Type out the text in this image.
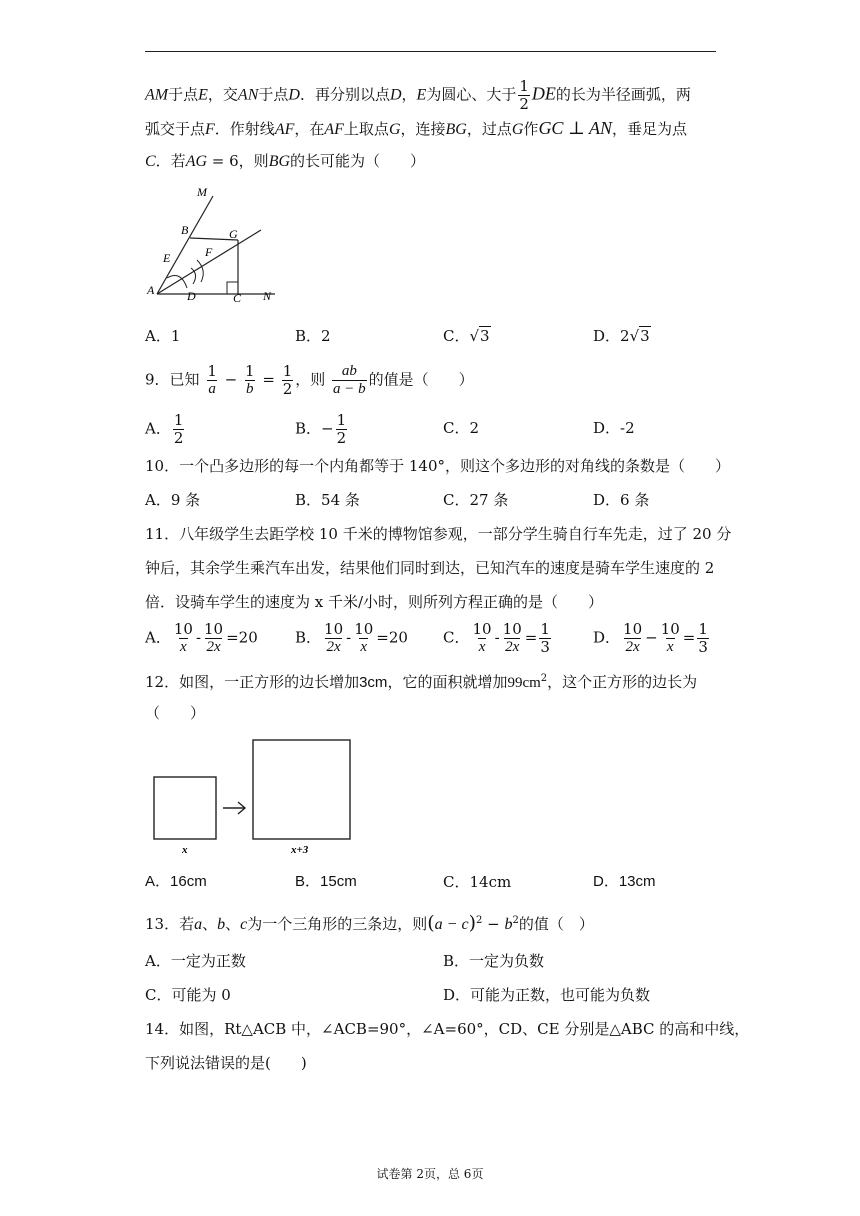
AM于点E，交AN于点D．再分别以点D，E为圆心、大于 $\frac{1}{2}$ DE的长为半径画弧，两
弧交于点F．作射线AF，在AF上取点G，连接BG，过点G作GC ⊥ AN，垂足为点
C．若AG = 6，则BG的长可能为（　　）
M
B	G
E	F
A	D	C N
A．1	B．2	C．√3	D．2√3
9．已知 $\frac{1}{a} - \frac{1}{b} = \frac{1}{2}$ ，则 $\frac{ab}{a - b}$ 的值是（　　）
A． $\frac{1}{2}$	B．− $\frac{1}{2}$	C．2	D．-2
10．一个凸多边形的每一个内角都等于 140°，则这个多边形的对角线的条数是（　　）
A．9 条	B．54 条	C．27 条	D．6 条
11．八年级学生去距学校 10 千米的博物馆参观，一部分学生骑自行车先走，过了 20 分
钟后，其余学生乘汽车出发，结果他们同时到达，已知汽车的速度是骑车学生速度的 2
倍．设骑车学生的速度为 x 千米/小时，则所列方程正确的是（　　）
A． $\frac{10}{x} - \frac{10}{2x} =20$ B． $\frac{10}{2x} - \frac{10}{x} =20$ C． $\frac{10}{x} - \frac{10}{2x} = \frac{1}{3}$	D． $\frac{10}{2x} - \frac{10}{x} = \frac{1}{3}$
12．如图，一正方形的边长增加3cm，它的面积就增加$99cm^2$，这个正方形的边长为
（　　）
x	x+3
A．16cm	B．15cm	C．14cm	D．13cm
13．若a、b、c为一个三角形的三条边，则$(a - c)^2 - b^2$的值（　）
A．一定为正数	B．一定为负数
C．可能为 0	D．可能为正数，也可能为负数
14．如图，Rt△ACB 中，∠ACB=90°，∠A=60°，CD、CE 分别是△ABC 的高和中线，
下列说法错误的是(　　)
试卷第 2页，总 6页
